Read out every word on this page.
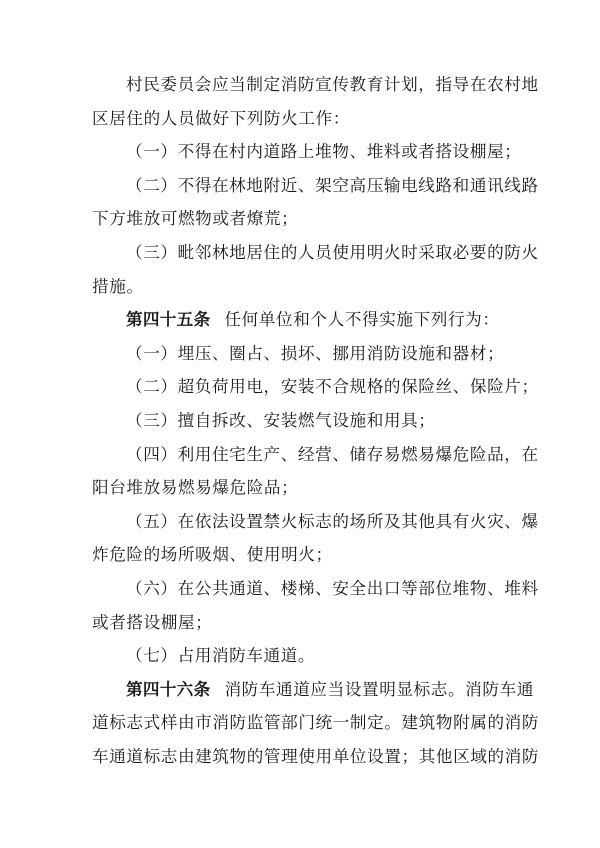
村民委员会应当制定消防宣传教育计划，指导在农村地
区居住的人员做好下列防火工作：
（一）不得在村内道路上堆物、堆料或者搭设棚屋；
（二）不得在林地附近、架空高压输电线路和通讯线路
下方堆放可燃物或者燎荒；
（三）毗邻林地居住的人员使用明火时采取必要的防火
措施。
第四十五条 任何单位和个人不得实施下列行为：
（一）埋压、圈占、损坏、挪用消防设施和器材；
（二）超负荷用电，安装不合规格的保险丝、保险片；
（三）擅自拆改、安装燃气设施和用具；
（四）利用住宅生产、经营、储存易燃易爆危险品，在
阳台堆放易燃易爆危险品；
（五）在依法设置禁火标志的场所及其他具有火灾、爆
炸危险的场所吸烟、使用明火；
（六）在公共通道、楼梯、安全出口等部位堆物、堆料
或者搭设棚屋；
（七）占用消防车通道。
第四十六条 消防车通道应当设置明显标志。消防车通
道标志式样由市消防监管部门统一制定。建筑物附属的消防
车通道标志由建筑物的管理使用单位设置；其他区域的消防
